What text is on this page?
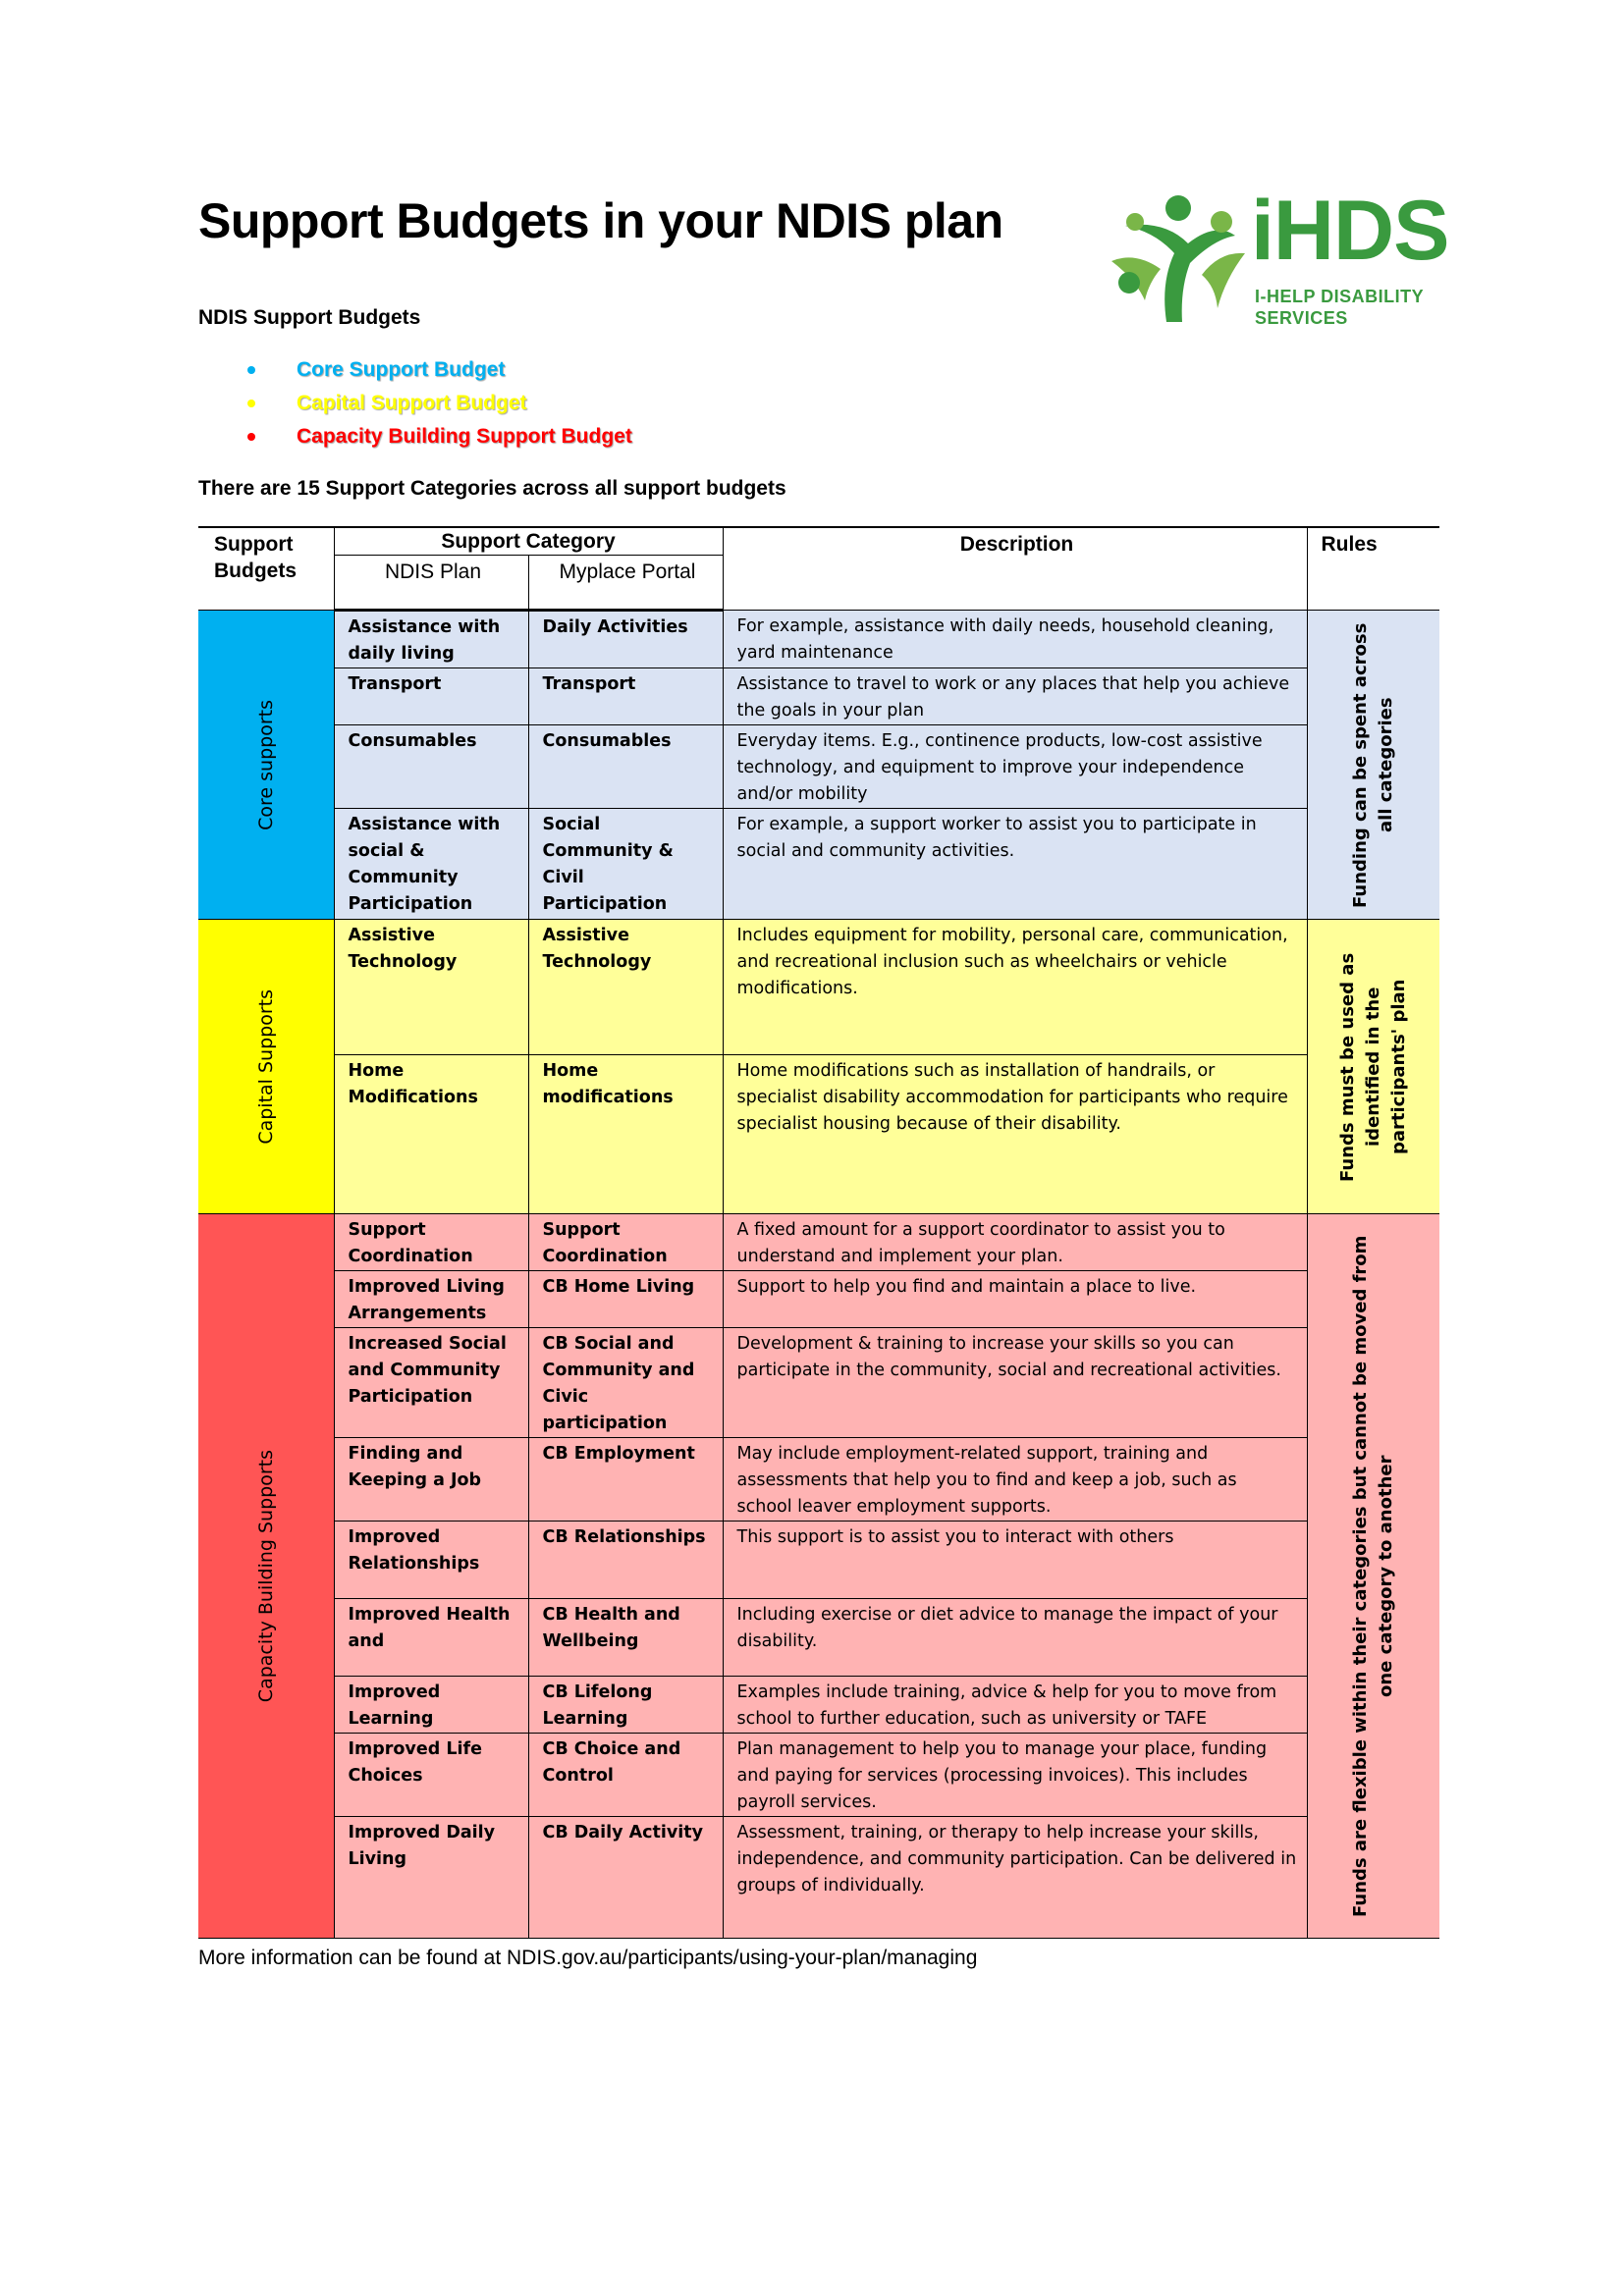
Support Budgets in your NDIS plan	iHDS
I-HELP DISABILITY
SERVICES
NDIS Support Budgets
Core Support Budget
Capital Support Budget
Capacity Building Support Budget
There are 15 Support Categories across all support budgets
Support Budgets	Support Category		Description	Rules
	NDIS Plan	Myplace Portal		

Core supports	Assistance with daily living	Daily Activities	For example, assistance with daily needs, household cleaning, yard maintenance	Funding can be spent across all categories

	Transport	Transport	Assistance to travel to work or any places that help you achieve the goals in your plan	
	Consumables	Consumables	Everyday items. E.g., continence products, low-cost assistive technology, and equipment to improve your independence and/or mobility	
	Assistance with social & Community Participation	Social Community & Civil Participation	For example, a support worker to assist you to participate in social and community activities.	

Capital Supports	Assistive Technology	Assistive Technology	Includes equipment for mobility, personal care, communication, and recreational inclusion such as wheelchairs or vehicle modifications.	Funds must be used as identified in the participants' plan

	Home Modifications	Home modifications	Home modifications such as installation of handrails, or specialist disability accommodation for participants who require specialist housing because of their disability.	

Capacity Building Supports	Support Coordination	Support Coordination	A fixed amount for a support coordinator to assist you to understand and implement your plan.	Funds are flexible within their categories but cannot be moved from one category to another

	Improved Living Arrangements	CB Home Living	Support to help you find and maintain a place to live.	
	Increased Social and Community Participation	CB Social and Community and Civic participation	Development & training to increase your skills so you can participate in the community, social and recreational activities.	
	Finding and Keeping a Job	CB Employment	May include employment-related support, training and assessments that help you to find and keep a job, such as school leaver employment supports.	
	Improved Relationships	CB Relationships	This support is to assist you to interact with others	
	Improved Health and	CB Health and Wellbeing	Including exercise or diet advice to manage the impact of your disability.	
	Improved Learning	CB Lifelong Learning	Examples include training, advice & help for you to move from school to further education, such as university or TAFE	
	Improved Life Choices	CB Choice and Control	Plan management to help you to manage your place, funding and paying for services (processing invoices). This includes payroll services.	
	Improved Daily Living	CB Daily Activity	Assessment, training, or therapy to help increase your skills, independence, and community participation. Can be delivered in groups of individually.	
More information can be found at NDIS.gov.au/participants/using-your-plan/managing
